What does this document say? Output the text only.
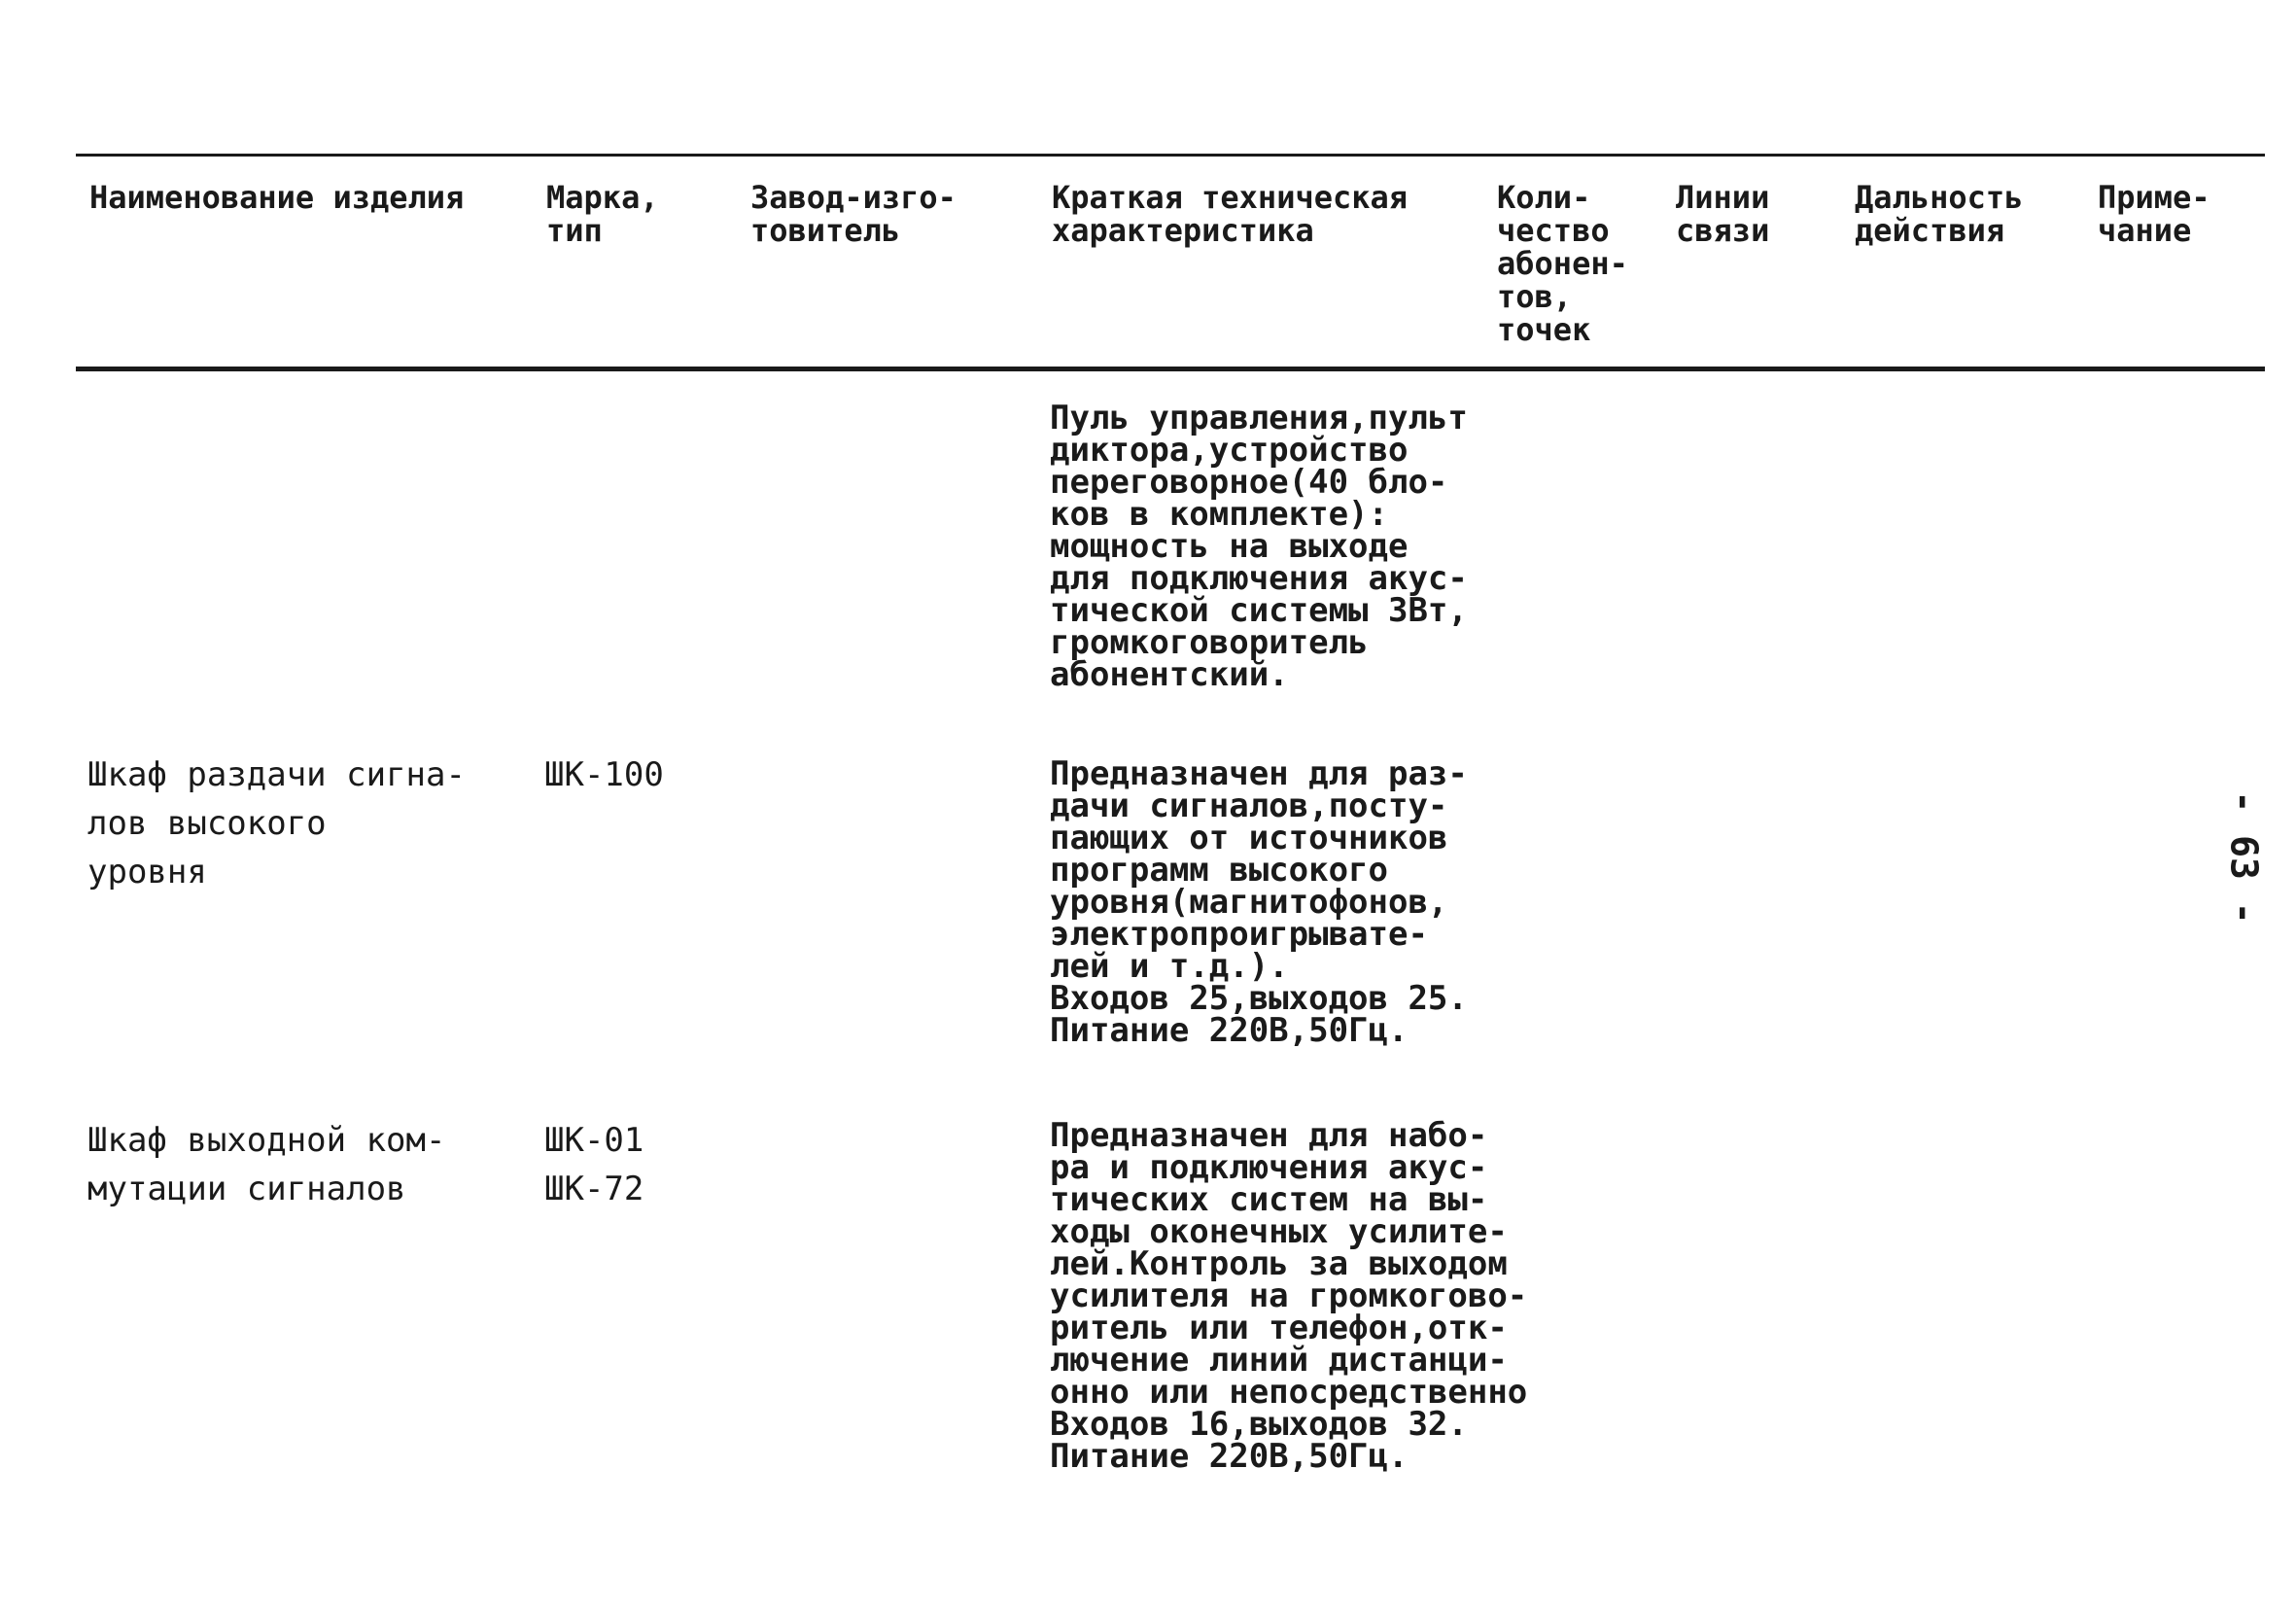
Наименование изделия	Марка,
тип
Завод-изго-
товитель
Краткая техническая
характеристика
Коли-
чество
абонен-
тов,
точек
Линии
связи
Дальность
действия
Приме-
чание
Пуль управления,пульт
диктора,устройство
переговорное(40 бло-
ков в комплекте):
мощность на выходе
для подключения акус-
тической системы 3Вт,
громкоговоритель
абонентский.
Шкаф раздачи сигна-
лов высокого
уровня
ШК-100	Предназначен для раз-
дачи сигналов,посту-
пающих от источников
программ высокого
уровня(магнитофонов,
электропроигрывате-
лей и т.д.).
Входов 25,выходов 25.
Питание 220В,50Гц.
Шкаф выходной ком-
мутации сигналов
ШК-01
ШК-72
Предназначен для набо-
ра и подключения акус-
тических систем на вы-
ходы оконечных усилите-
лей.Контроль за выходом
усилителя на громкогово-
ритель или телефон,отк-
лючение линий дистанци-
онно или непосредственно
Входов 16,выходов 32.
Питание 220В,50Гц.
- 63 -
